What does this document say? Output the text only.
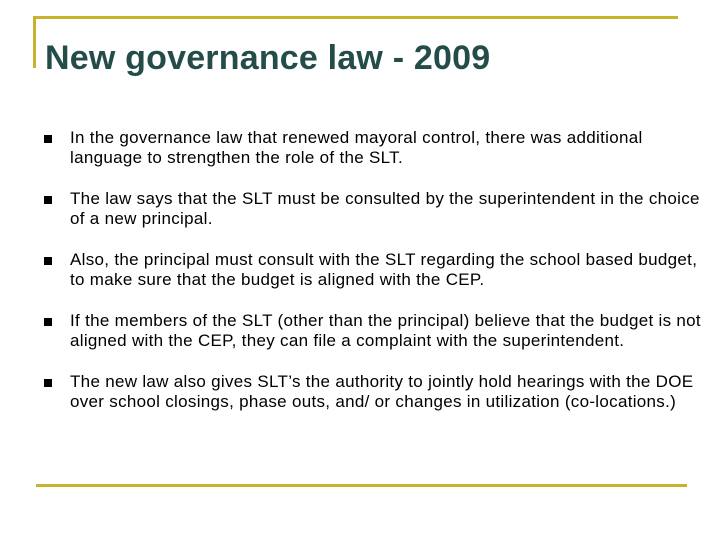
New governance law - 2009
In the governance law that renewed mayoral control, there was additional language to strengthen the role of the SLT.
The law says that the SLT must be consulted by the superintendent in the choice of a new principal.
Also, the principal must consult with the SLT regarding the school based budget, to make sure that the budget is aligned with the CEP.
If the members of the SLT (other than the principal) believe that the budget is not aligned with the CEP, they can file a complaint with the superintendent.
The new law also gives SLT’s the authority to jointly hold hearings with the DOE over school closings, phase outs, and/ or changes in utilization (co-locations.)
